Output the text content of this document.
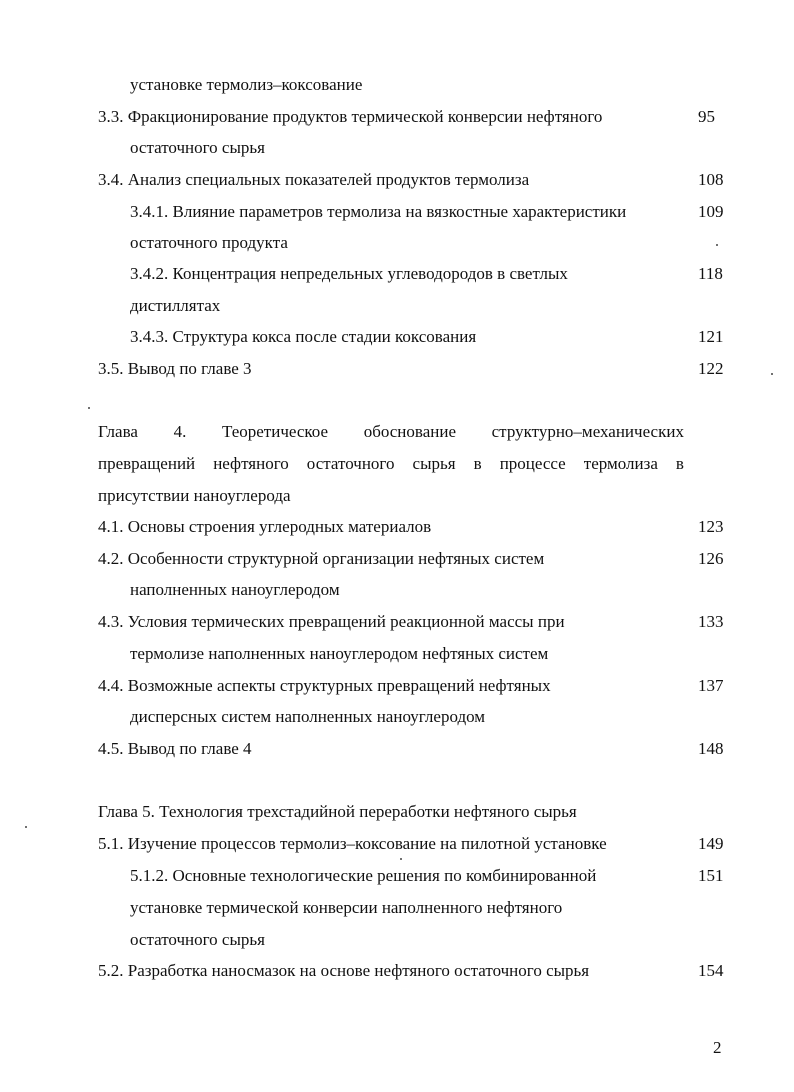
установке термолиз–коксование
3.3. Фракционирование продуктов термической конверсии нефтяного	95
остаточного сырья
3.4. Анализ специальных показателей продуктов термолиза	108
3.4.1. Влияние параметров термолиза на вязкостные характеристики	109
остаточного продукта
3.4.2. Концентрация непредельных углеводородов в светлых	118
дистиллятах
3.4.3. Структура кокса после стадии коксования	121
3.5. Вывод по главе 3	122
Глава 4. Теоретическое обоснование структурно–механических
превращений нефтяного остаточного сырья в процессе термолиза в
присутствии наноуглерода
4.1. Основы строения углеродных материалов	123
4.2. Особенности структурной организации нефтяных систем	126
наполненных наноуглеродом
4.3. Условия термических превращений реакционной массы при	133
термолизе наполненных наноуглеродом нефтяных систем
4.4. Возможные аспекты структурных превращений нефтяных	137
дисперсных систем наполненных наноуглеродом
4.5. Вывод по главе 4	148
Глава 5. Технология трехстадийной переработки нефтяного сырья
5.1. Изучение процессов термолиз–коксование на пилотной установке	149
5.1.2. Основные технологические решения по комбинированной	151
установке термической конверсии наполненного нефтяного
остаточного сырья
5.2. Разработка наносмазок на основе нефтяного остаточного сырья	154
2
